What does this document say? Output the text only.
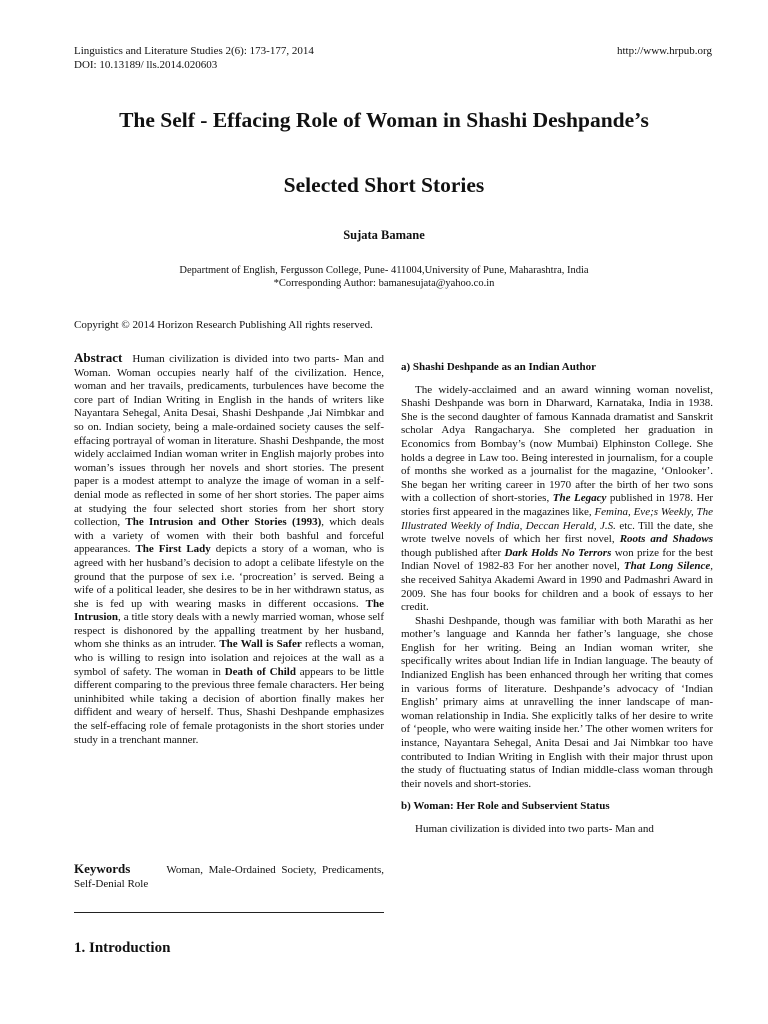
Linguistics and Literature Studies 2(6): 173-177, 2014
DOI: 10.13189/ lls.2014.020603
http://www.hrpub.org
The Self - Effacing Role of Woman in Shashi Deshpande’s
Selected Short Stories
Sujata Bamane
Department of English, Fergusson College, Pune- 411004,University of Pune, Maharashtra, India
*Corresponding Author: bamanesujata@yahoo.co.in
Copyright © 2014 Horizon Research Publishing All rights reserved.
Abstract Human civilization is divided into two parts- Man and Woman. Woman occupies nearly half of the civilization. Hence, woman and her travails, predicaments, turbulences have become the core part of Indian Writing in English in the hands of writers like Nayantara Sehegal, Anita Desai, Shashi Deshpande ,Jai Nimbkar and so on. Indian society, being a male-ordained society causes the self-effacing portrayal of woman in literature. Shashi Deshpande, the most widely acclaimed Indian woman writer in English majorly probes into woman’s issues through her novels and short stories. The present paper is a modest attempt to analyze the image of woman in a self-denial mode as reflected in some of her short stories. The paper aims at studying the four selected short stories from her short story collection, The Intrusion and Other Stories (1993), which deals with a variety of women with their both bashful and forceful appearances. The First Lady depicts a story of a woman, who is agreed with her husband’s decision to adopt a celibate lifestyle on the ground that the purpose of sex i.e. ‘procreation’ is served. Being a wife of a political leader, she desires to be in her withdrawn status, as she is fed up with wearing masks in different occasions. The Intrusion, a title story deals with a newly married woman, whose self respect is dishonored by the appalling treatment by her husband, whom she thinks as an intruder. The Wall is Safer reflects a woman, who is willing to resign into isolation and rejoices at the wall as a symbol of safety. The woman in Death of Child appears to be little different comparing to the previous three female characters. Her being uninhibited while taking a decision of abortion finally makes her diffident and weary of herself. Thus, Shashi Deshpande emphasizes the self-effacing role of female protagonists in the short stories under study in a trenchant manner.
Keywords	Woman, Male-Ordained Society, Predicaments, Self-Denial Role
1. Introduction
a) Shashi Deshpande as an Indian Author

The widely-acclaimed and an award winning woman novelist, Shashi Deshpande was born in Dharward, Karnataka, India in 1938. She is the second daughter of famous Kannada dramatist and Sanskrit scholar Adya Rangacharya. She completed her graduation in Economics from Bombay’s (now Mumbai) Elphinston College. She holds a degree in Law too. Being interested in journalism, for a couple of months she worked as a journalist for the magazine, ‘Onlooker’. She began her writing career in 1970 after the birth of her two sons with a collection of short-stories, The Legacy published in 1978. Her stories first appeared in the magazines like, Femina, Eve;s Weekly, The Illustrated Weekly of India, Deccan Herald, J.S. etc. Till the date, she wrote twelve novels of which her first novel, Roots and Shadows though published after Dark Holds No Terrors won prize for the best Indian Novel of 1982-83 For her another novel, That Long Silence, she received Sahitya Akademi Award in 1990 and Padmashri Award in 2009. She has four books for children and a book of essays to her credit.

Shashi Deshpande, though was familiar with both Marathi as her mother’s language and Kannda her father’s language, she chose English for her writing. Being an Indian woman writer, she specifically writes about Indian life in Indian language. The beauty of Indianized English has been enhanced through her writing that comes in various forms of literature. Deshpande’s advocacy of ‘Indian English’ primary aims at unravelling the inner landscape of man-woman relationship in India. She explicitly talks of her desire to write of ‘people, who were waiting inside her.’ The other women writers for instance, Nayantara Sehegal, Anita Desai and Jai Nimbkar too have contributed to Indian Writing in English with their major thrust upon the study of fluctuating status of Indian middle-class woman through their novels and short-stories.

b) Woman: Her Role and Subservient Status

Human civilization is divided into two parts- Man and
